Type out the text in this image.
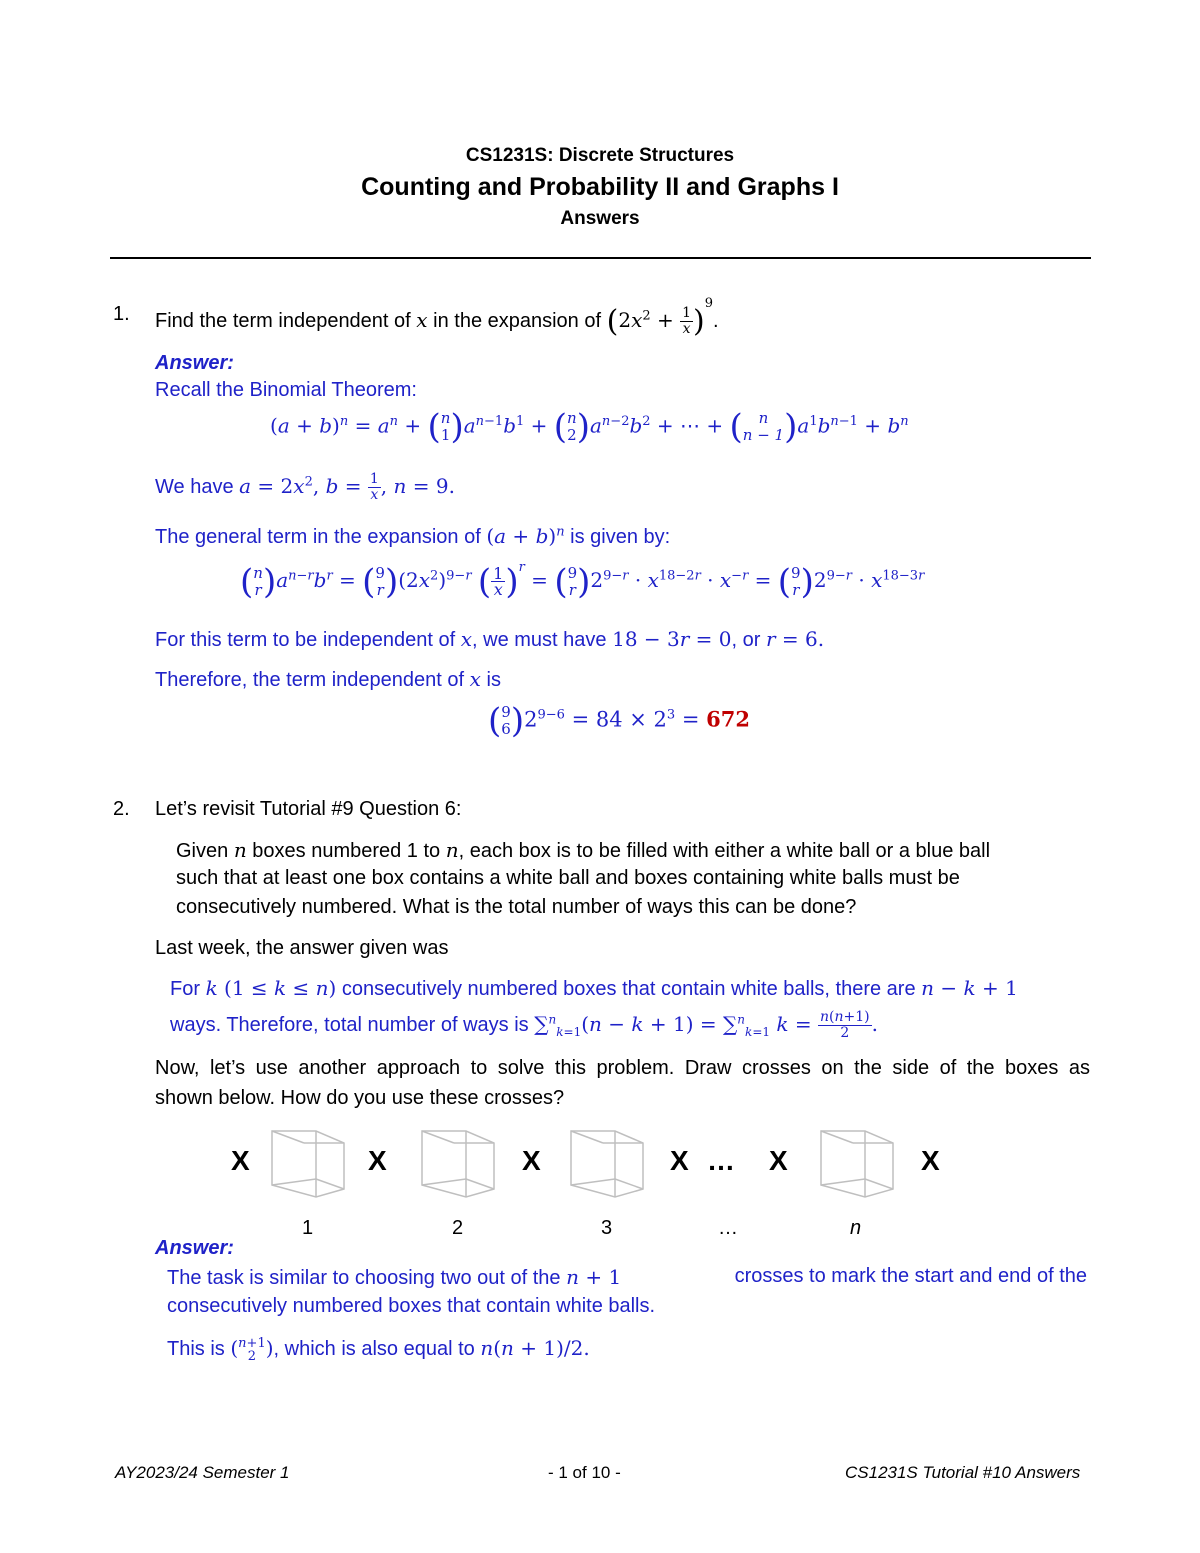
CS1231S: Discrete Structures
Counting and Probability II and Graphs I
Answers
1. Find the term independent of x in the expansion of $(2x^2 + \frac{1}{x} )^9$.
Answer:
Recall the Binomial Theorem:
$(a + b)^n = a^n$ + ( n
1 ) $a^{n-1}b^1$ + ( n
2 ) $a^{n-2}b^2$ + ⋯ + ( n
n − 1 ) $a^1b^{n-1} + b^n$
We have $a = 2x^2$, $b = \frac{1}{x}$ , n = 9.
The general term in the expansion of $(a + b)^n$ is given by:
( n
r ) $a^{n-r}b^r$ = ( 9
r ) $(2x^2)^{9-r}$ ( $\frac{1}{x}$ ) $^r$ = ( 9
r ) $2^{9-r} \cdot x^{18-2r} \cdot x^{-r}$ = ( 9
r ) $2^{9-r} \cdot x^{18-3r}$
For this term to be independent of x, we must have 18 − 3r = 0, or r = 6.
Therefore, the term independent of x is
( 9
6 ) $2^{9-6} = 84 \times 2^3 = 672$
2. Let’s revisit Tutorial #9 Question 6:
Given n boxes numbered 1 to n, each box is to be filled with either a white ball or a blue ball
such that at least one box contains a white ball and boxes containing white balls must be
consecutively numbered. What is the total number of ways this can be done?
Last week, the answer given was
For k (1 ≤ k ≤ n) consecutively numbered boxes that contain white balls, there are n − k + 1
ways. Therefore, total number of ways is ∑$^n_{k=1}$(n − k + 1) = ∑$^n_{k=1}$ $k = \frac{n(n+1)}{2}$ .
Now, let’s use another approach to solve this problem. Draw crosses on the side of the boxes as
shown below. How do you use these crosses?
X	X	X	X … X	X
1	2	3	…	n
Answer:
The task is similar to choosing two out of the n + 1	crosses to mark the start and end of the
consecutively numbered boxes that contain white balls.
This is ( n+1
2 ), which is also equal to n(n + 1)/2.
AY2023/24 Semester 1	- 1 of 10 -	CS1231S Tutorial #10 Answers
